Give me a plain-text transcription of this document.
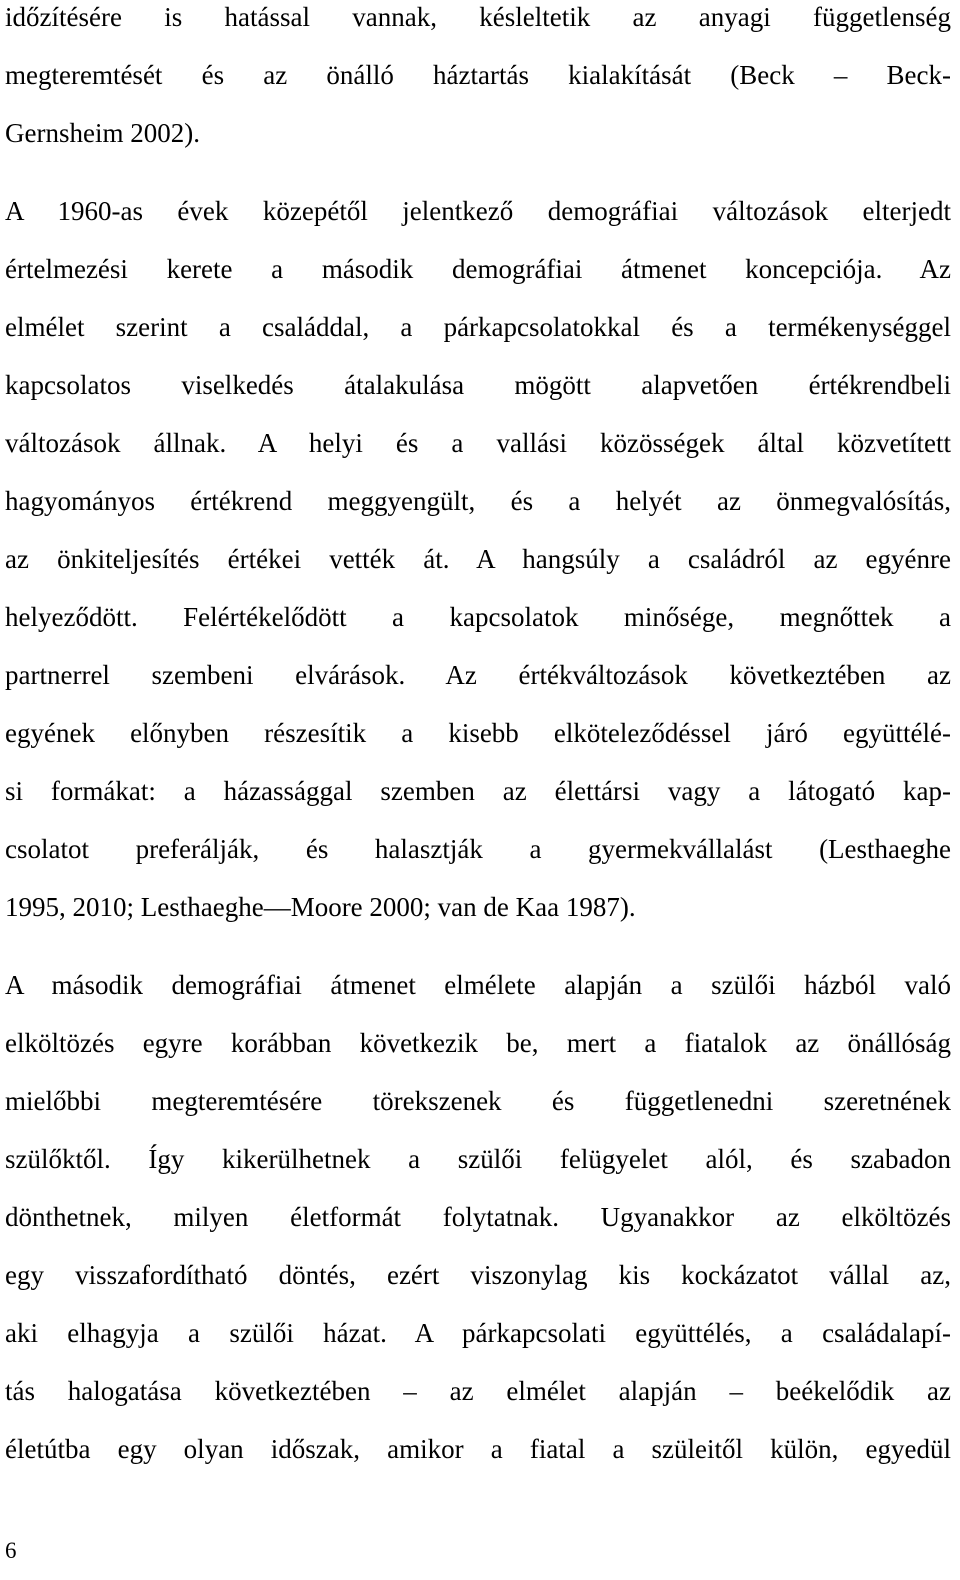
időzítésére is hatással vannak, késleltetik az anyagi függetlenség
megteremtését és az önálló háztartás kialakítását (Beck – Beck-
Gernsheim 2002).
A 1960-as évek közepétől jelentkező demográfiai változások elterjedt
értelmezési kerete a második demográfiai átmenet koncepciója. Az
elmélet szerint a családdal, a párkapcsolatokkal és a termékenységgel
kapcsolatos viselkedés átalakulása mögött alapvetően értékrendbeli
változások állnak. A helyi és a vallási közösségek által közvetített
hagyományos értékrend meggyengült, és a helyét az önmegvalósítás,
az önkiteljesítés értékei vették át. A hangsúly a családról az egyénre
helyeződött. Felértékelődött a kapcsolatok minősége, megnőttek a
partnerrel szembeni elvárások. Az értékváltozások következtében az
egyének előnyben részesítik a kisebb elköteleződéssel járó együttélé-
si formákat: a házassággal szemben az élettársi vagy a látogató kap-
csolatot preferálják, és halasztják a gyermekvállalást (Lesthaeghe
1995, 2010; Lesthaeghe—Moore 2000; van de Kaa 1987).
A második demográfiai átmenet elmélete alapján a szülői házból való
elköltözés egyre korábban következik be, mert a fiatalok az önállóság
mielőbbi megteremtésére törekszenek és függetlenedni szeretnének
szülőktől. Így kikerülhetnek a szülői felügyelet alól, és szabadon
dönthetnek, milyen életformát folytatnak. Ugyanakkor az elköltözés
egy visszafordítható döntés, ezért viszonylag kis kockázatot vállal az,
aki elhagyja a szülői házat. A párkapcsolati együttélés, a családalapí-
tás halogatása következtében – az elmélet alapján – beékelődik az
életútba egy olyan időszak, amikor a fiatal a szüleitől külön, egyedül
6
